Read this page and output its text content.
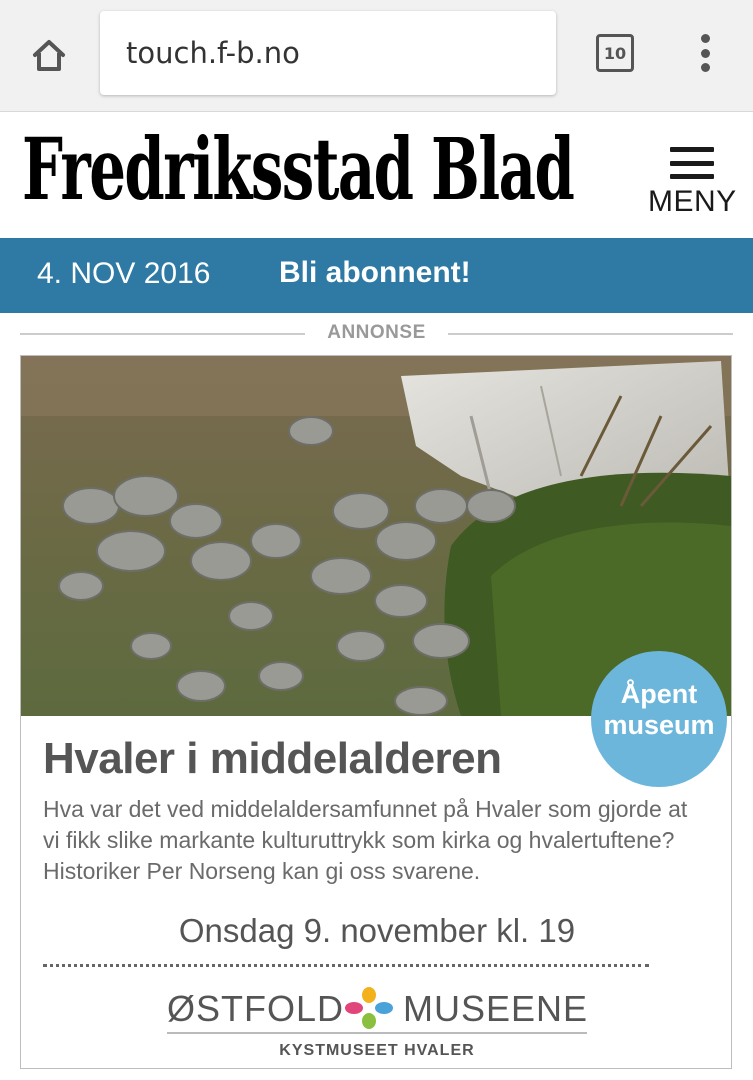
touch.f-b.no	10
Fredriksstad Blad MENY
4. NOV 2016 Bli abonnent!
ANNONSE
Åpent museum
Hvaler i middelalderen
Hva var det ved middelaldersamfunnet på Hvaler som gjorde at vi fikk slike markante kulturuttrykk som kirka og hvalertuftene? Historiker Per Norseng kan gi oss svarene.
Onsdag 9. november kl. 19
ØSTFOLD MUSEENE
KYSTMUSEET HVALER
